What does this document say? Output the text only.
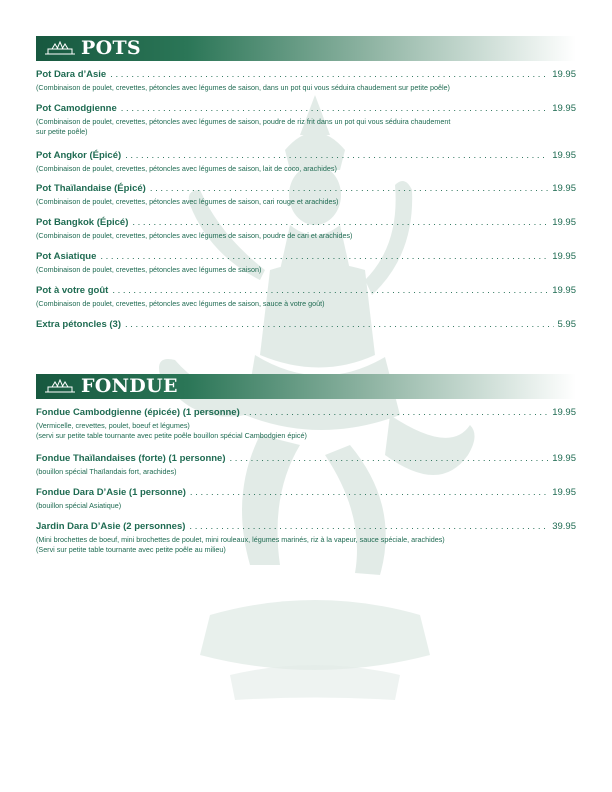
POTS
Pot Dara d’Asie . . .	19.95
(Combinaison de poulet, crevettes, pétoncles avec légumes de saison, dans un pot qui vous séduira chaudement sur petite poêle)
Pot Camodgienne . . .	19.95
(Combinaison de poulet, crevettes, pétoncles avec légumes de saison, poudre de riz frit dans un pot qui vous séduira chaudement
sur petite poêle)
Pot Angkor (Épicé) . . .	19.95
(Combinaison de poulet, crevettes, pétoncles avec légumes de saison, lait de coco, arachides)
Pot Thaïlandaise (Épicé) . . .	19.95
(Combinaison de poulet, crevettes, pétoncles avec légumes de saison, cari rouge et arachides)
Pot Bangkok (Épicé) . . .	19.95
(Combinaison de poulet, crevettes, pétoncles avec légumes de saison, poudre de cari et arachides)
Pot Asiatique . . .	19.95
(Combinaison de poulet, crevettes, pétoncles avec légumes de saison)
Pot à votre goût . . .	19.95
(Combinaison de poulet, crevettes, pétoncles avec légumes de saison, sauce à votre goût)
Extra pétoncles (3) . . .	5.95
FONDUE
Fondue Cambodgienne (épicée) (1 personne) . . .	19.95
(Vermicelle, crevettes, poulet, boeuf et légumes)
(servi sur petite table tournante avec petite poêle bouillon spécial Cambodgien épicé)
Fondue Thaïlandaises (forte) (1 personne) . . .	19.95
(bouillon spécial Thaïlandais fort, arachides)
Fondue Dara D’Asie (1 personne) . . .	19.95
(bouillon spécial Asiatique)
Jardin Dara D’Asie (2 personnes) . . .	39.95
(Mini brochettes de boeuf, mini brochettes de poulet, mini rouleaux, légumes marinés, riz à la vapeur, sauce spéciale, arachides)
(Servi sur petite table tournante avec petite poêle au milieu)
